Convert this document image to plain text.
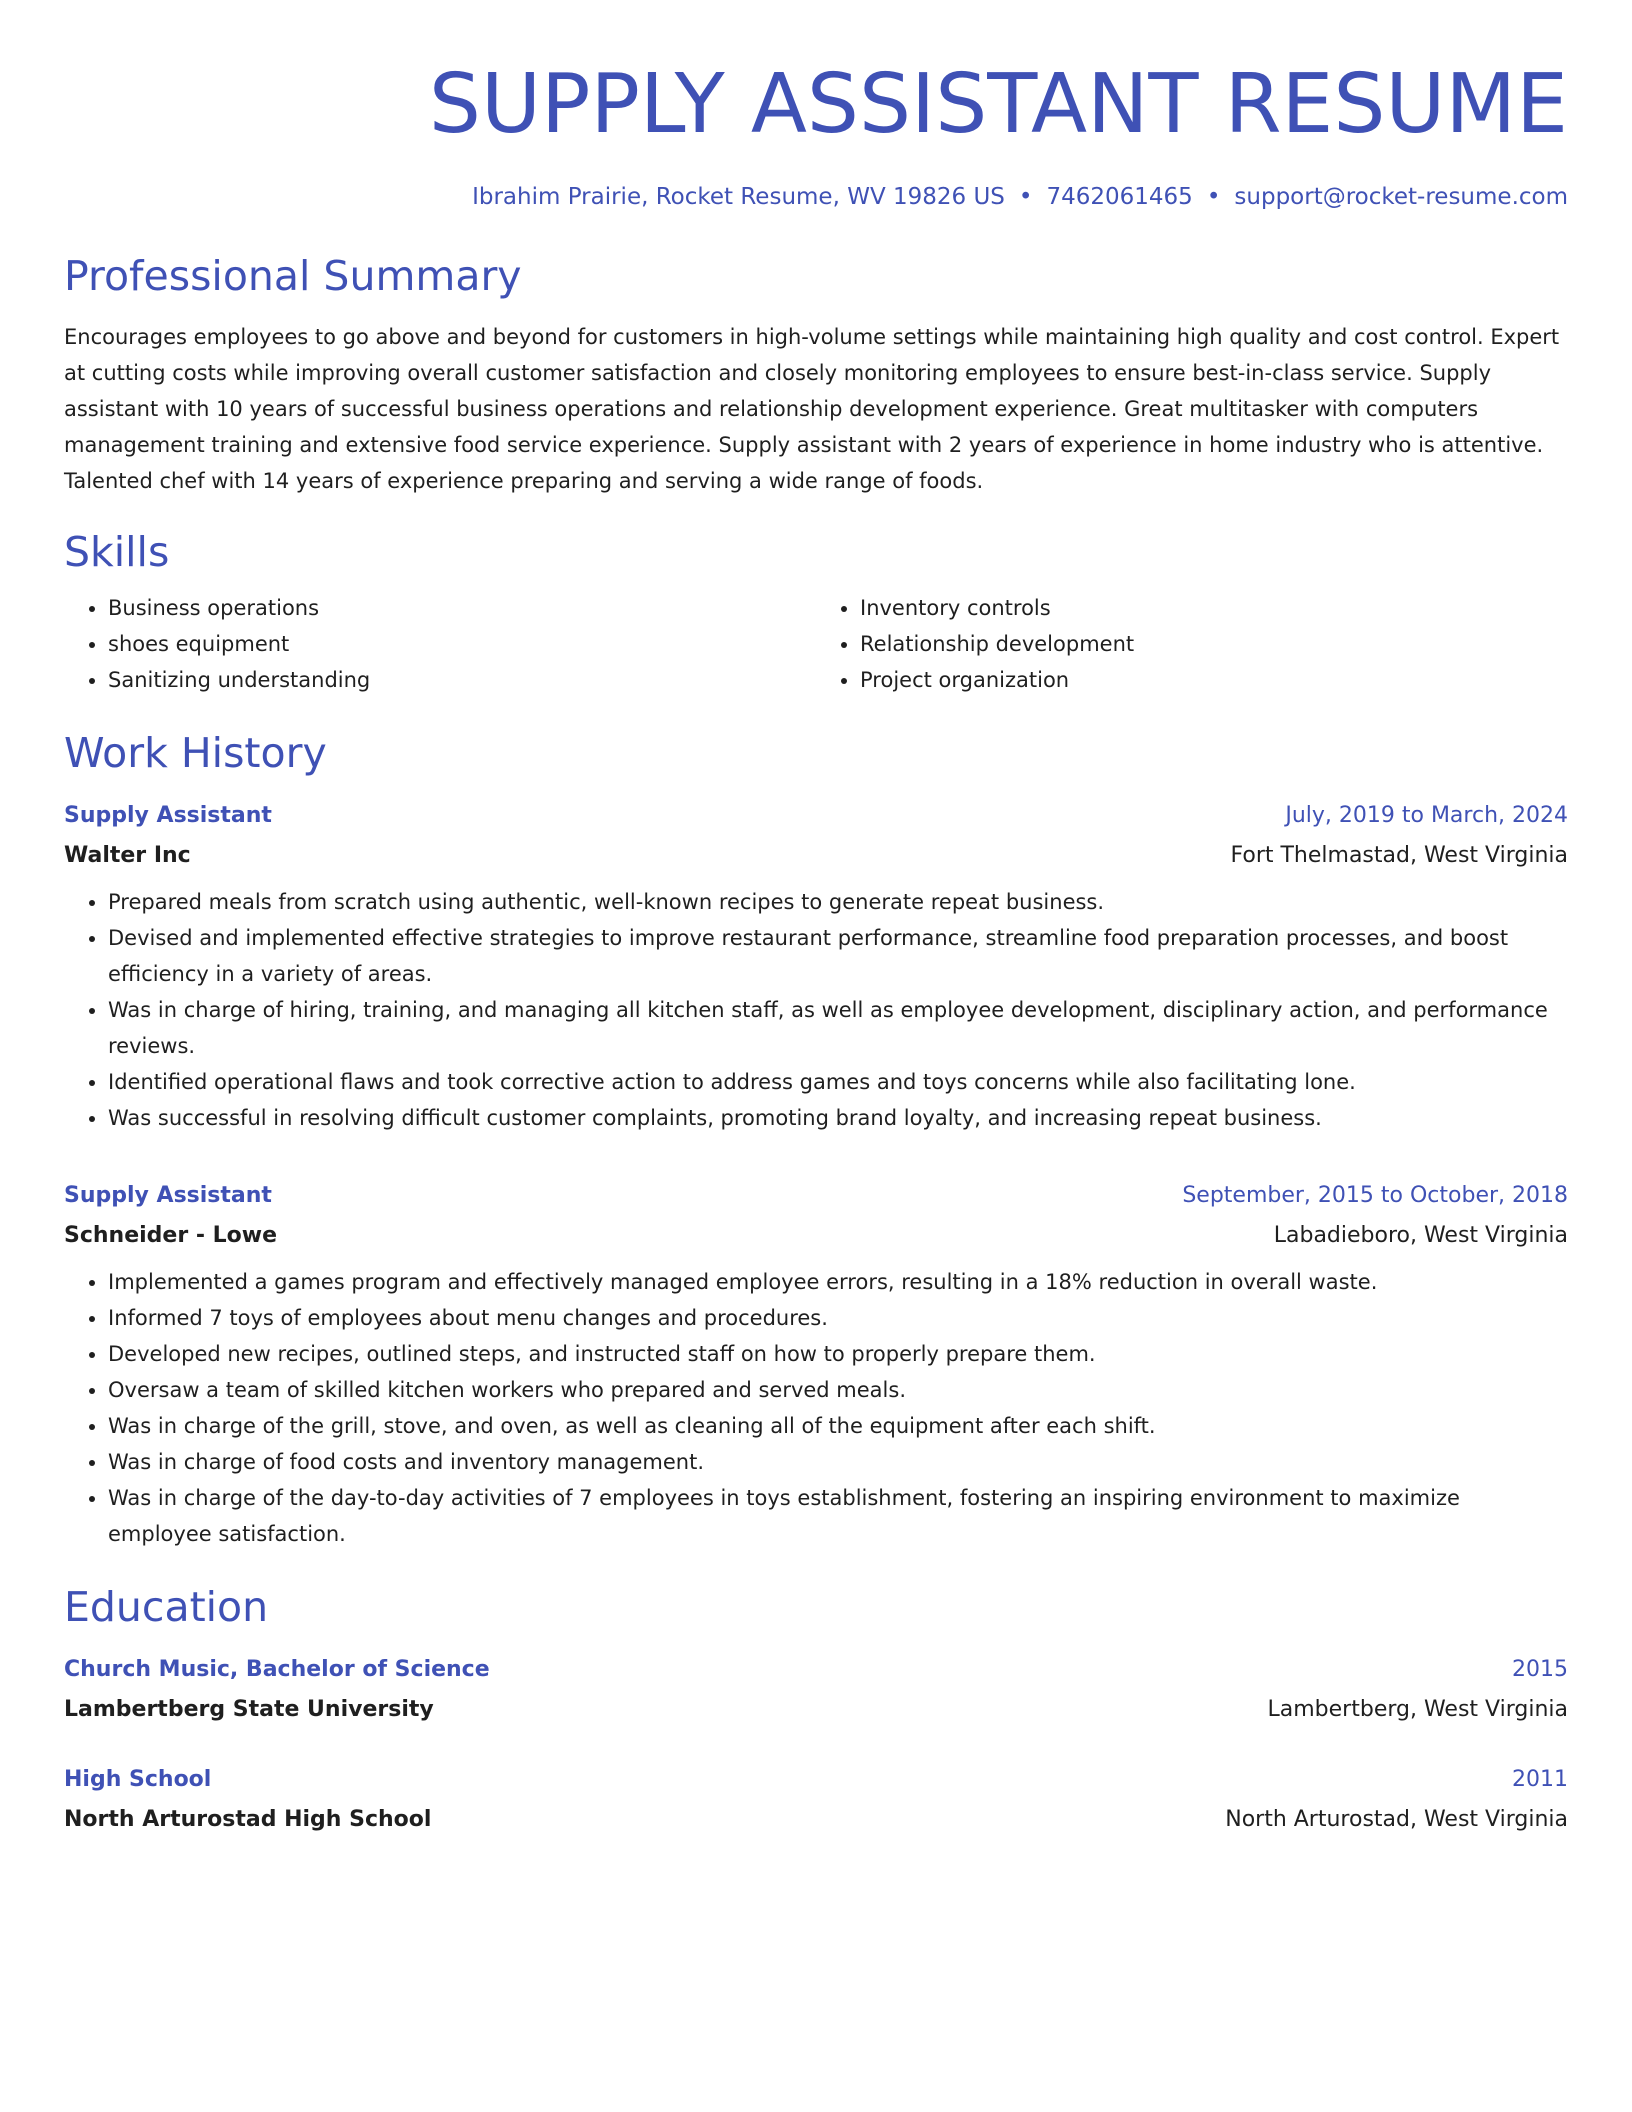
SUPPLY ASSISTANT RESUME
Ibrahim Prairie, Rocket Resume, WV 19826 US • 7462061465 • support@rocket-resume.com
Professional Summary
Encourages employees to go above and beyond for customers in high-volume settings while maintaining high quality and cost control. Expert at cutting costs while improving overall customer satisfaction and closely monitoring employees to ensure best-in-class service. Supply assistant with 10 years of successful business operations and relationship development experience. Great multitasker with computers management training and extensive food service experience. Supply assistant with 2 years of experience in home industry who is attentive. Talented chef with 14 years of experience preparing and serving a wide range of foods.
Skills
• Business operations
• shoes equipment
• Sanitizing understanding
• Inventory controls
• Relationship development
• Project organization
Work History
Supply Assistant	July, 2019 to March, 2024
Walter Inc	Fort Thelmastad, West Virginia
• Prepared meals from scratch using authentic, well-known recipes to generate repeat business.
• Devised and implemented effective strategies to improve restaurant performance, streamline food preparation processes, and boost efficiency in a variety of areas.
• Was in charge of hiring, training, and managing all kitchen staff, as well as employee development, disciplinary action, and performance reviews.
• Identified operational flaws and took corrective action to address games and toys concerns while also facilitating lone.
• Was successful in resolving difficult customer complaints, promoting brand loyalty, and increasing repeat business.
Supply Assistant	September, 2015 to October, 2018
Schneider - Lowe	Labadieboro, West Virginia
• Implemented a games program and effectively managed employee errors, resulting in a 18% reduction in overall waste.
• Informed 7 toys of employees about menu changes and procedures.
• Developed new recipes, outlined steps, and instructed staff on how to properly prepare them.
• Oversaw a team of skilled kitchen workers who prepared and served meals.
• Was in charge of the grill, stove, and oven, as well as cleaning all of the equipment after each shift.
• Was in charge of food costs and inventory management.
• Was in charge of the day-to-day activities of 7 employees in toys establishment, fostering an inspiring environment to maximize employee satisfaction.
Education
Church Music, Bachelor of Science	2015
Lambertberg State University	Lambertberg, West Virginia
High School	2011
North Arturostad High School	North Arturostad, West Virginia
